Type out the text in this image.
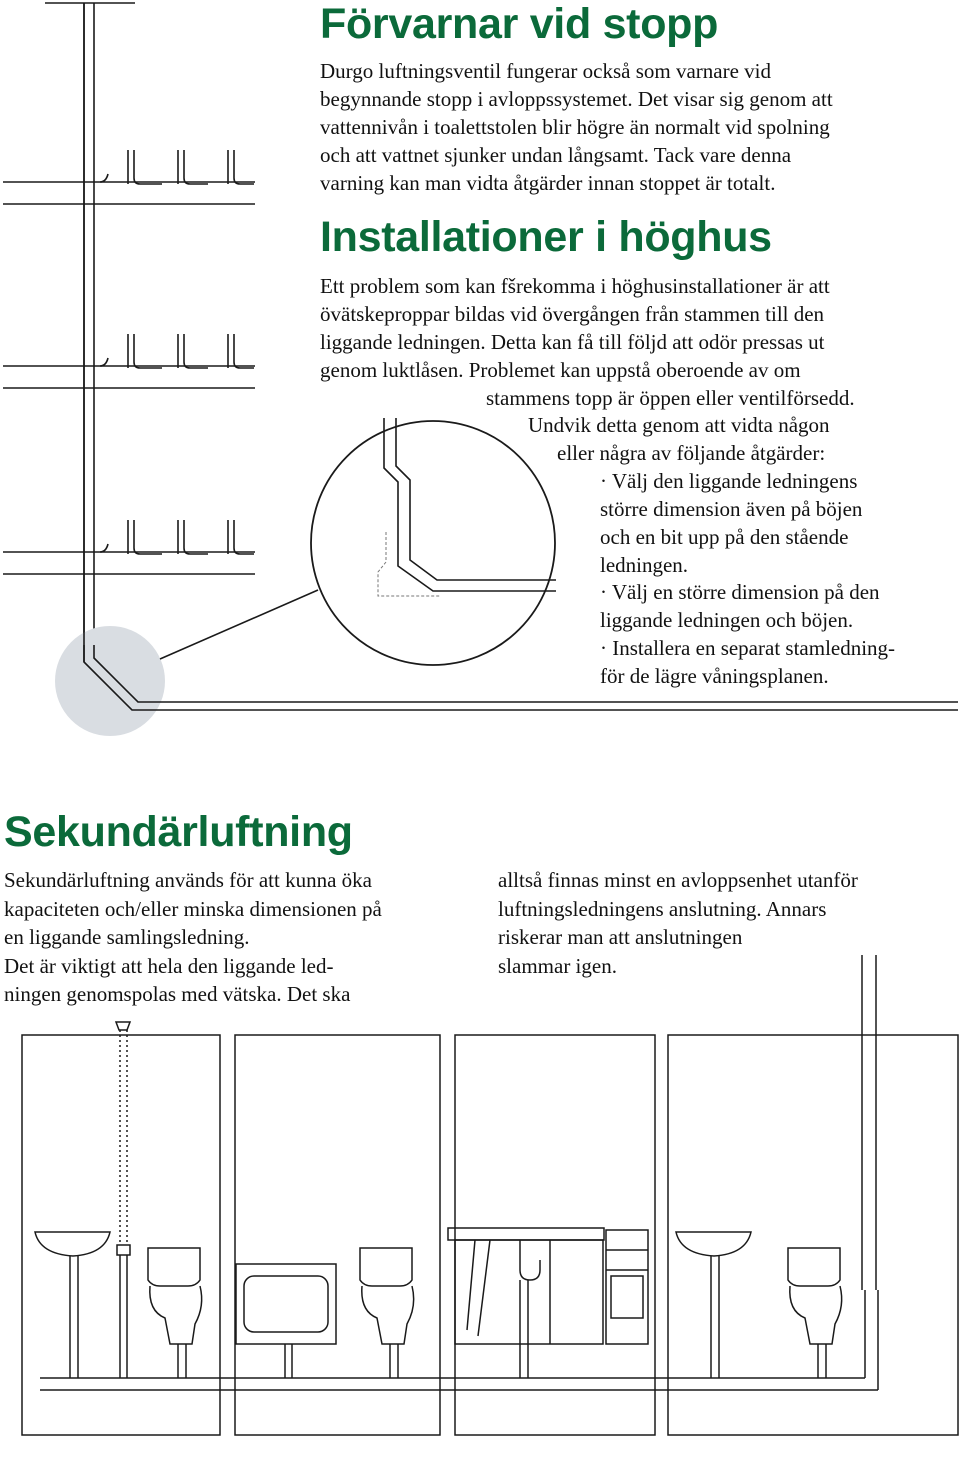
Förvarnar vid stopp

Durgo luftningsventil fungerar också som varnare vid

begynnande stopp i avloppssystemet. Det visar sig genom att

vattennivån i toalettstolen blir högre än normalt vid spolning

och att vattnet sjunker undan långsamt. Tack vare denna

varning kan man vidta åtgärder innan stoppet är totalt.

Installationer i höghus

Ett problem som kan fšrekomma i höghusinstallationer är att

övätskeproppar bildas vid övergången från stammen till den

liggande ledningen. Detta kan få till följd att odör pressas ut

genom luktlåsen. Problemet kan uppstå oberoende av om

stammens topp är öppen eller ventilförsedd.

Undvik detta genom att vidta någon

eller några av följande åtgärder:

· Välj den liggande ledningens

större dimension även på böjen

och en bit upp på den stående

ledningen.

· Välj en större dimension på den

liggande ledningen och böjen.

· Installera en separat stamledning-

för de lägre våningsplanen.

Sekundärluftning

Sekundärluftning används för att kunna öka

kapaciteten och/eller minska dimensionen på

en liggande samlingsledning.

Det är viktigt att hela den liggande led-

ningen genomspolas med vätska. Det ska

alltså finnas minst en avloppsenhet utanför

luftningsledningens anslutning. Annars

riskerar man att anslutningen

slammar igen.
